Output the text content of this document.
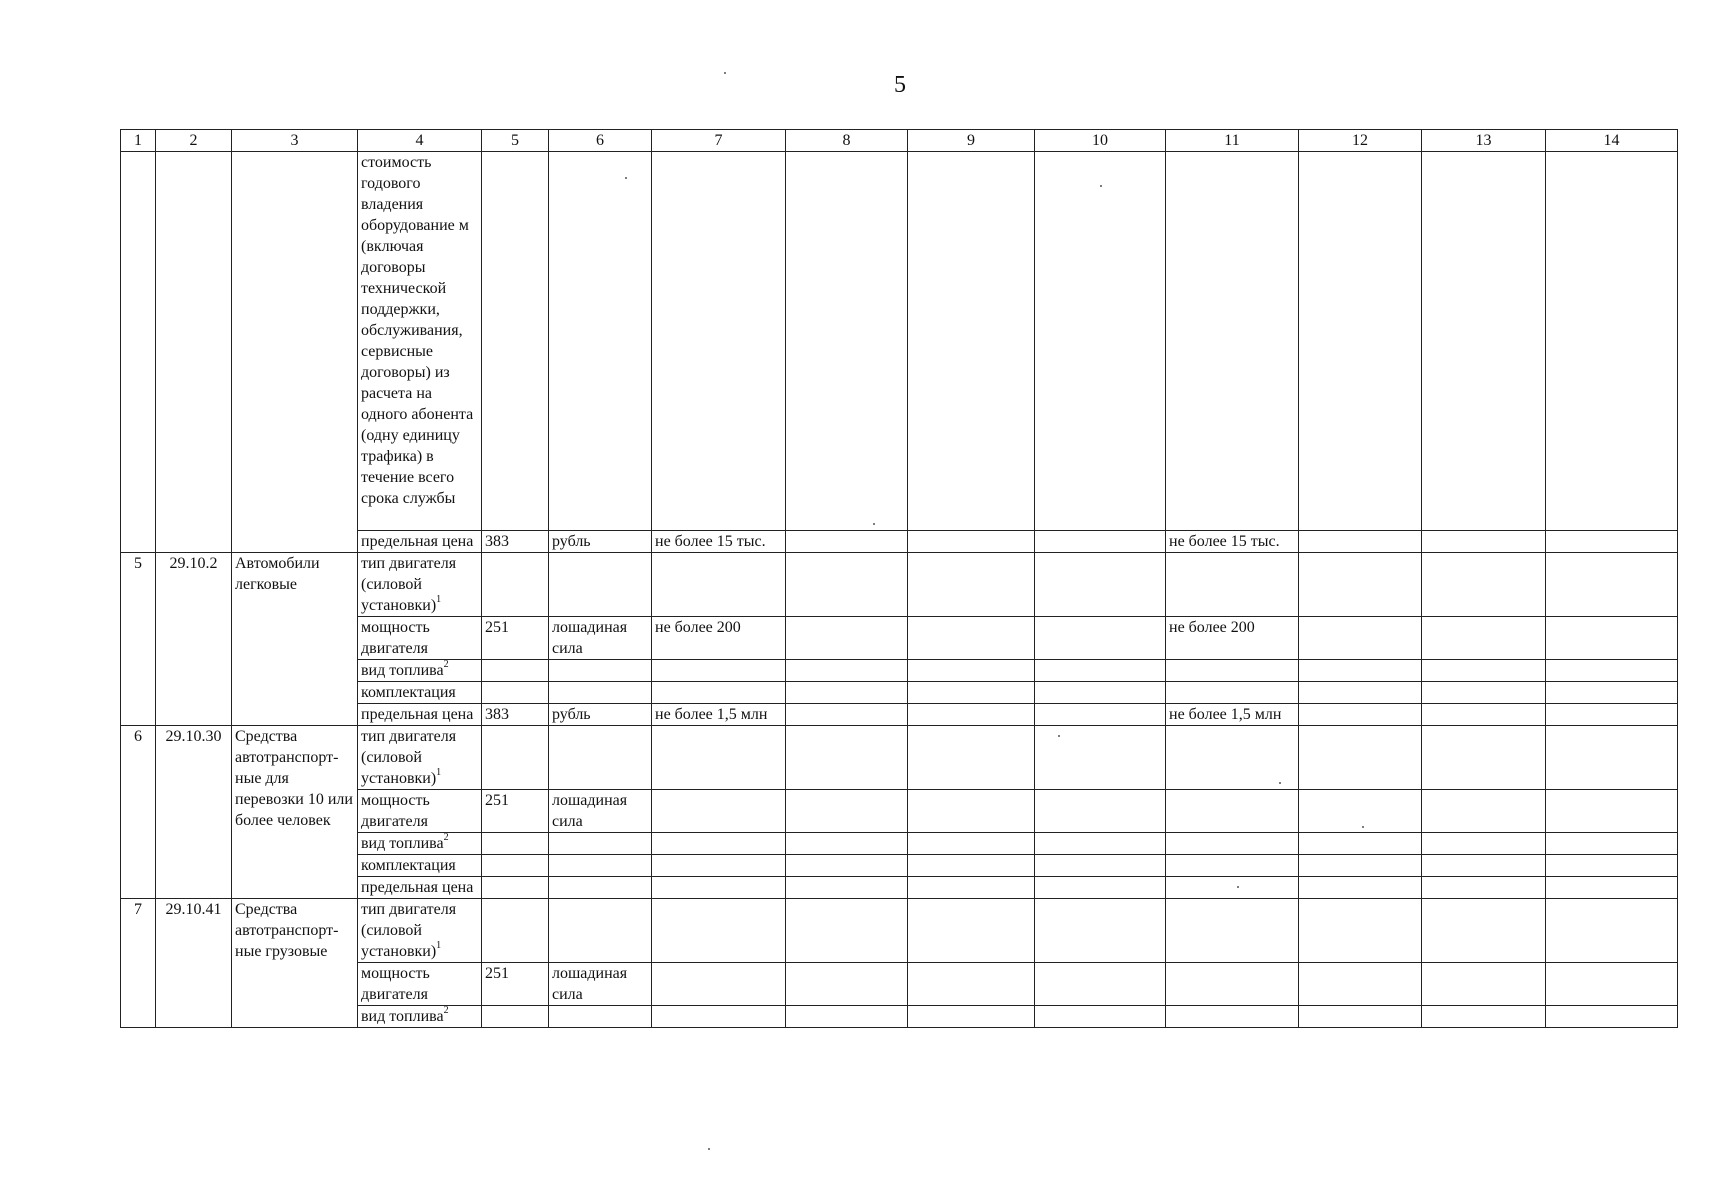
5
1	2	3	4	5	6	7	8	9	10	11	12	13	14
			стоимость годового владения оборудование м (включая договоры технической поддержки, обслуживания, сервисные договоры) из расчета на одного абонента (одну единицу трафика) в течение всего срока службы										
			предельная цена	383	рубль	не более 15 тыс.				не более 15 тыс.			
5	29.10.2	Автомобили легковые	тип двигателя (силовой установки)$^1$										
			мощность двигателя	251	лошадиная сила	не более 200				не более 200			
			вид топлива$^2$										
			комплектация										
			предельная цена	383	рубль	не более 1,5 млн				не более 1,5 млн			
6	29.10.30	Средства автотранспорт-ные для перевозки 10 или более человек	тип двигателя (силовой установки)$^1$										
			мощность двигателя	251	лошадиная сила								
			вид топлива$^2$										
			комплектация										
			предельная цена										
7	29.10.41	Средства автотранспорт-ные грузовые	тип двигателя (силовой установки)$^1$										
			мощность двигателя	251	лошадиная сила								
			вид топлива$^2$										
